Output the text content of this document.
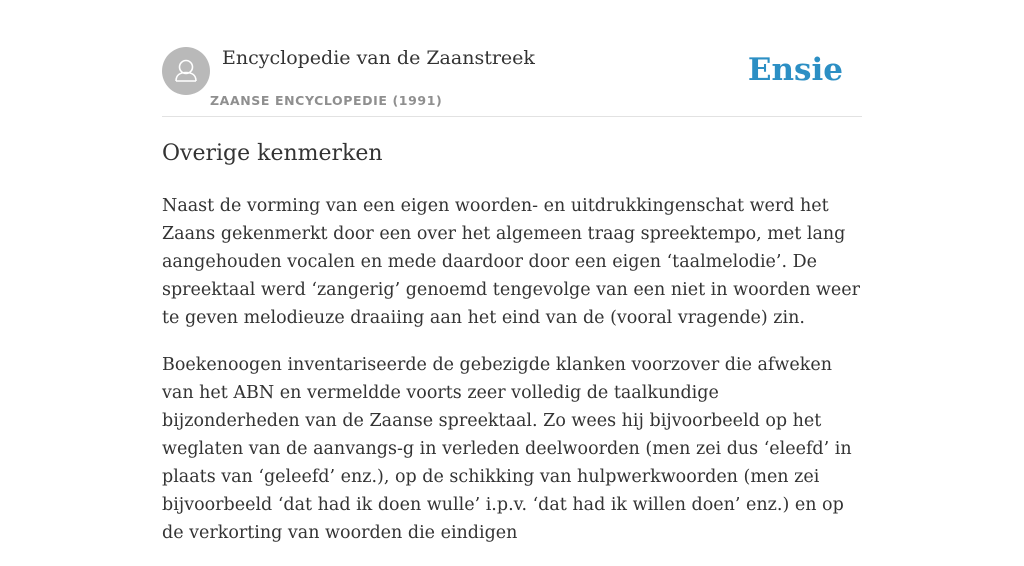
Encyclopedie van de Zaanstreek
ZAANSE ENCYCLOPEDIE (1991)
Ensie
Overige kenmerken

Naast de vorming van een eigen woorden- en uitdrukkingenschat werd het Zaans gekenmerkt door een over het algemeen traag spreektempo, met lang aangehouden vocalen en mede daardoor door een eigen ‘taalmelodie’. De spreektaal werd ‘zangerig’ genoemd tengevolge van een niet in woorden weer te geven melodieuze draaiing aan het eind van de (vooral vragende) zin.

Boekenoogen inventariseerde de gebezigde klanken voorzover die afweken van het ABN en vermeldde voorts zeer volledig de taalkundige bijzonderheden van de Zaanse spreektaal. Zo wees hij bijvoorbeeld op het weglaten van de aanvangs-g in verleden deelwoorden (men zei dus ‘eleefd’ in plaats van ‘geleefd’ enz.), op de schikking van hulpwerkwoorden (men zei bijvoorbeeld ‘dat had ik doen wulle’ i.p.v. ‘dat had ik willen doen’ enz.) en op de verkorting van woorden die eindigen
